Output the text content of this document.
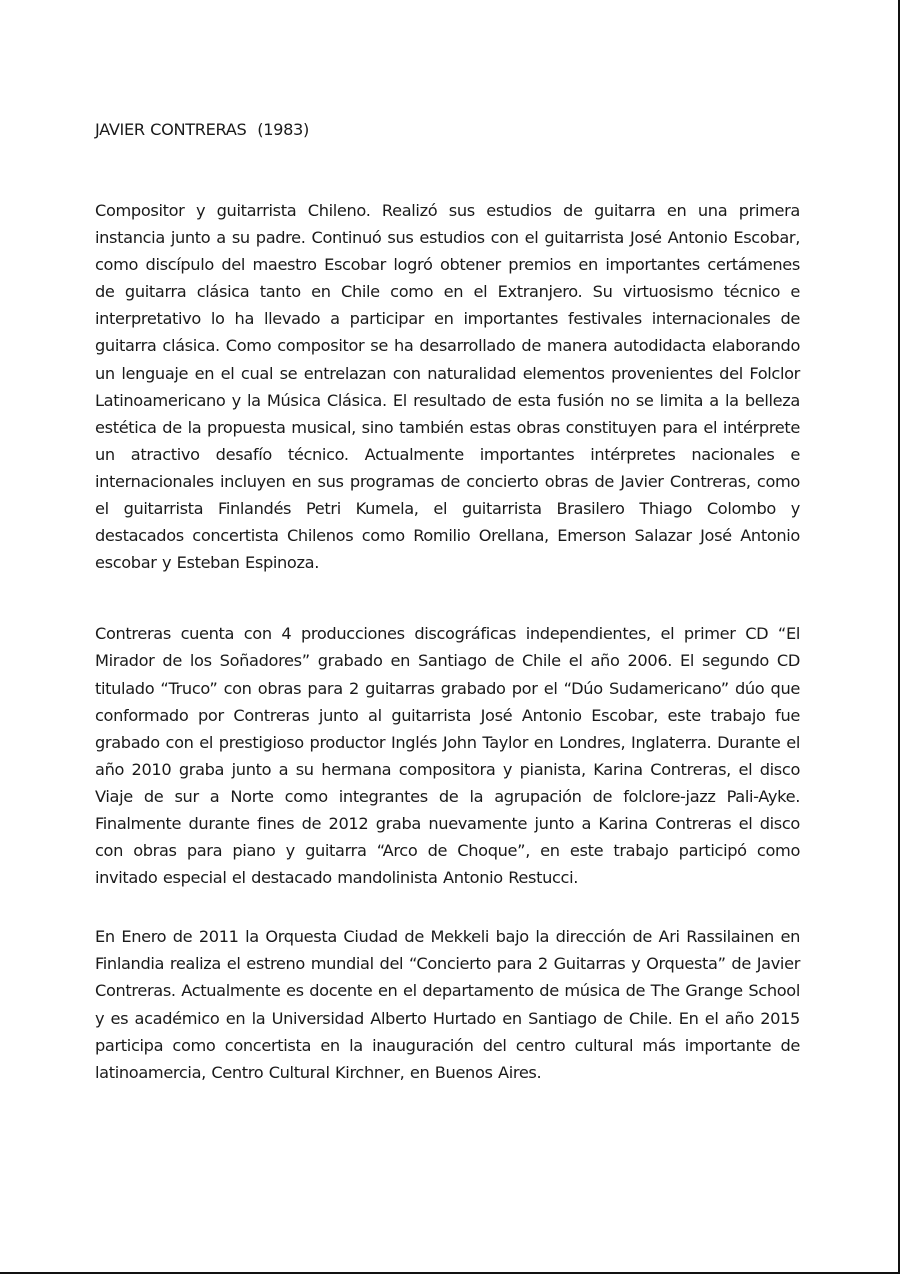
JAVIER CONTRERAS  (1983)

Compositor y guitarrista Chileno. Realizó sus estudios de guitarra en una primera instancia junto a su padre. Continuó sus estudios con el guitarrista José Antonio Escobar, como discípulo del maestro Escobar logró obtener premios en importantes certámenes de guitarra clásica tanto en Chile como en el Extranjero. Su virtuosismo técnico e interpretativo lo ha llevado a participar en importantes festivales internacionales de guitarra clásica. Como compositor se ha desarrollado de manera autodidacta elaborando un lenguaje en el cual se entrelazan con naturalidad elementos provenientes del Folclor Latinoamericano y la Música Clásica. El resultado de esta fusión no se limita a la belleza estética de la propuesta musical, sino también estas obras constituyen para el intérprete un atractivo desafío técnico. Actualmente importantes intérpretes nacionales e internacionales incluyen en sus programas de concierto obras de Javier Contreras, como el guitarrista Finlandés Petri Kumela, el guitarrista Brasilero Thiago Colombo y destacados concertista Chilenos como Romilio Orellana, Emerson Salazar José Antonio escobar y Esteban Espinoza.

Contreras cuenta con 4 producciones discográficas independientes, el primer CD “El Mirador de los Soñadores” grabado en Santiago de Chile el año 2006. El segundo CD titulado “Truco” con obras para 2 guitarras grabado por el “Dúo Sudamericano” dúo que conformado por Contreras junto al guitarrista José Antonio Escobar, este trabajo fue grabado con el prestigioso productor Inglés John Taylor en Londres, Inglaterra. Durante el año 2010 graba junto a su hermana compositora y pianista, Karina Contreras, el disco Viaje de sur a Norte como integrantes de la agrupación de folclore-jazz Pali-Ayke. Finalmente durante fines de 2012 graba nuevamente junto a Karina Contreras el disco con obras para piano y guitarra “Arco de Choque”, en este trabajo participó como invitado especial el destacado mandolinista Antonio Restucci.

En Enero de 2011 la Orquesta Ciudad de Mekkeli bajo la dirección de Ari Rassilainen en Finlandia realiza el estreno mundial del “Concierto para 2 Guitarras y Orquesta” de Javier Contreras. Actualmente es docente en el departamento de música de The Grange School y es académico en la Universidad Alberto Hurtado en Santiago de Chile. En el año 2015 participa como concertista en la inauguración del centro cultural más importante de latinoamercia, Centro Cultural Kirchner, en Buenos Aires.
